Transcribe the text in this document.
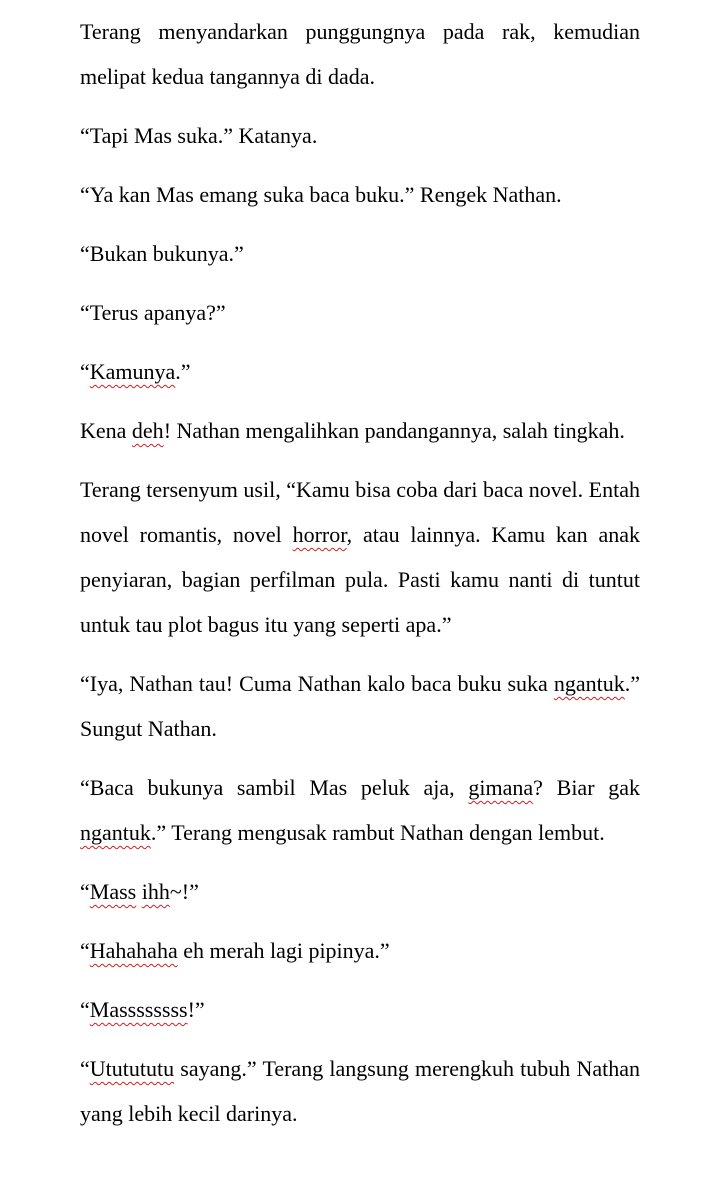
Terang menyandarkan punggungnya pada rak, kemudian melipat kedua tangannya di dada.

“Tapi Mas suka.” Katanya.

“Ya kan Mas emang suka baca buku.” Rengek Nathan.

“Bukan bukunya.”

“Terus apanya?”

“Kamunya.”

Kena deh! Nathan mengalihkan pandangannya, salah tingkah.

Terang tersenyum usil, “Kamu bisa coba dari baca novel. Entah novel romantis, novel horror, atau lainnya. Kamu kan anak penyiaran, bagian perfilman pula. Pasti kamu nanti di tuntut untuk tau plot bagus itu yang seperti apa.”

“Iya, Nathan tau! Cuma Nathan kalo baca buku suka ngantuk.” Sungut Nathan.

“Baca bukunya sambil Mas peluk aja, gimana? Biar gak ngantuk.” Terang mengusak rambut Nathan dengan lembut.

“Mass ihh~!”

“Hahahaha eh merah lagi pipinya.”

“Massssssss!”

“Ututututu sayang.” Terang langsung merengkuh tubuh Nathan yang lebih kecil darinya.
